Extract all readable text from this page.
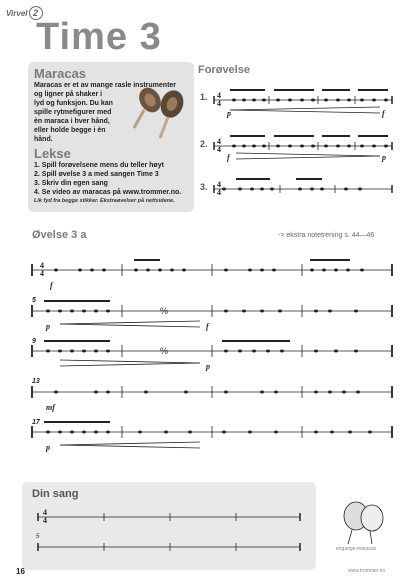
Virvel 2
Time 3
Maracas
Maracas er et av mange rasle instrumenter
og ligner på shaker i
lyd og funksjon. Du kan
spille rytmefigurer med
èn maraca i hver hånd,
eller holde begge i èn
hånd.
Lekse
1. Spill forøvelsene mens du teller høyt
2. Spill øvelse 3 a med sangen Time 3
3. Skriv din egen sang
4. Se video av maracas på www.trommer.no.
Lik fyd fra begge stikker. Ekstraøvelser på nettsidene.
Forøvelse
1.
2.
3.
p	f
f	p
Øvelse 3 a	-> ekstra notetrening s. 44—46
5
9
13
17
f
p	f
p
p
mf
Din sang
5
4
4
4
4
4
4
4
4
4
4
%
%
engange-maracas
16	www.trommer.no
